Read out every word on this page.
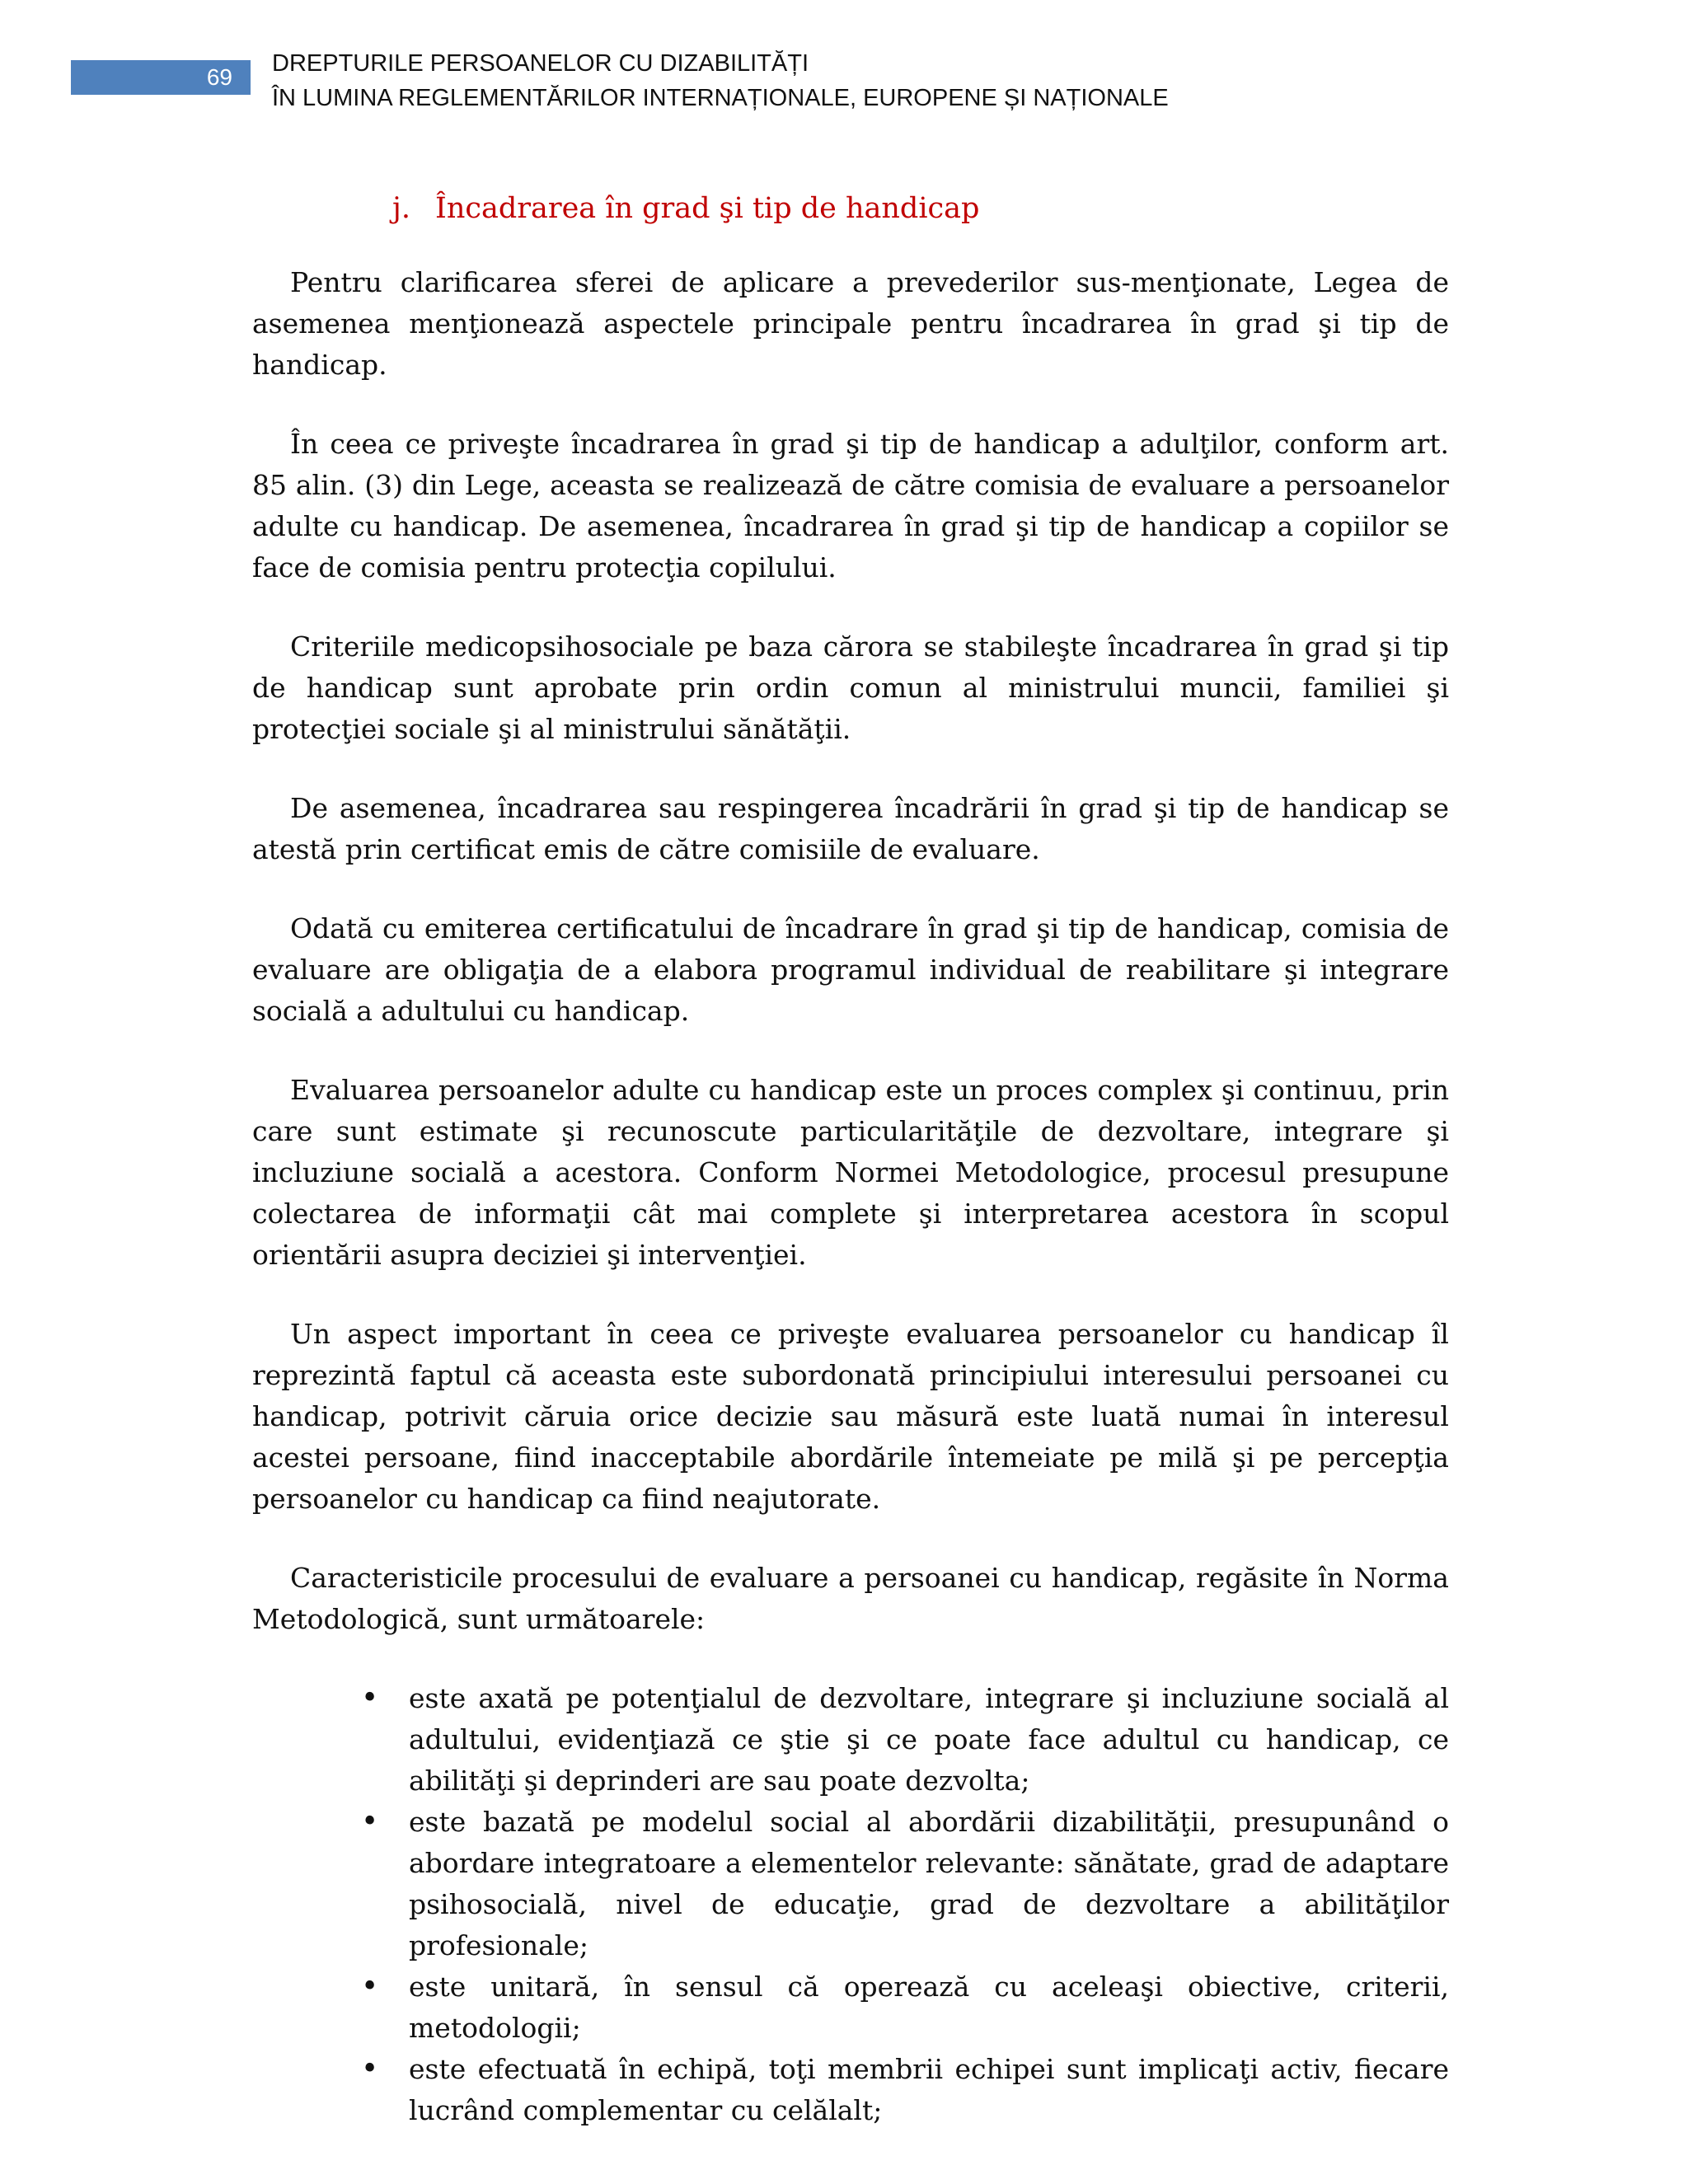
69
DREPTURILE PERSOANELOR CU DIZABILITĂȚI
ÎN LUMINA REGLEMENTĂRILOR INTERNAȚIONALE, EUROPENE ȘI NAȚIONALE
j. Încadrarea în grad şi tip de handicap

Pentru clarificarea sferei de aplicare a prevederilor sus-menţionate, Legea de asemenea menţionează aspectele principale pentru încadrarea în grad şi tip de handicap.

În ceea ce priveşte încadrarea în grad şi tip de handicap a adulţilor, conform art. 85 alin. (3) din Lege, aceasta se realizează de către comisia de evaluare a persoanelor adulte cu handicap. De asemenea, încadrarea în grad şi tip de handicap a copiilor se face de comisia pentru protecţia copilului.

Criteriile medicopsihosociale pe baza cărora se stabileşte încadrarea în grad şi tip de handicap sunt aprobate prin ordin comun al ministrului muncii, familiei şi protecţiei sociale şi al ministrului sănătăţii.

De asemenea, încadrarea sau respingerea încadrării în grad şi tip de handicap se atestă prin certificat emis de către comisiile de evaluare.

Odată cu emiterea certificatului de încadrare în grad şi tip de handicap, comisia de evaluare are obligaţia de a elabora programul individual de reabilitare şi integrare socială a adultului cu handicap.

Evaluarea persoanelor adulte cu handicap este un proces complex şi continuu, prin care sunt estimate şi recunoscute particularităţile de dezvoltare, integrare şi incluziune socială a acestora. Conform Normei Metodologice, procesul presupune colectarea de informaţii cât mai complete şi interpretarea acestora în scopul orientării asupra deciziei şi intervenţiei.

Un aspect important în ceea ce priveşte evaluarea persoanelor cu handicap îl reprezintă faptul că aceasta este subordonată principiului interesului persoanei cu handicap, potrivit căruia orice decizie sau măsură este luată numai în interesul acestei persoane, fiind inacceptabile abordările întemeiate pe milă şi pe percepţia persoanelor cu handicap ca fiind neajutorate.

Caracteristicile procesului de evaluare a persoanei cu handicap, regăsite în Norma Metodologică, sunt următoarele:

• este axată pe potenţialul de dezvoltare, integrare şi incluziune socială al adultului, evidenţiază ce ştie şi ce poate face adultul cu handicap, ce abilităţi şi deprinderi are sau poate dezvolta;
• este bazată pe modelul social al abordării dizabilităţii, presupunând o abordare integratoare a elementelor relevante: sănătate, grad de adaptare psihosocială, nivel de educaţie, grad de dezvoltare a abilităţilor profesionale;
• este unitară, în sensul că operează cu aceleaşi obiective, criterii, metodologii;
• este efectuată în echipă, toţi membrii echipei sunt implicaţi activ, fiecare lucrând complementar cu celălalt;
